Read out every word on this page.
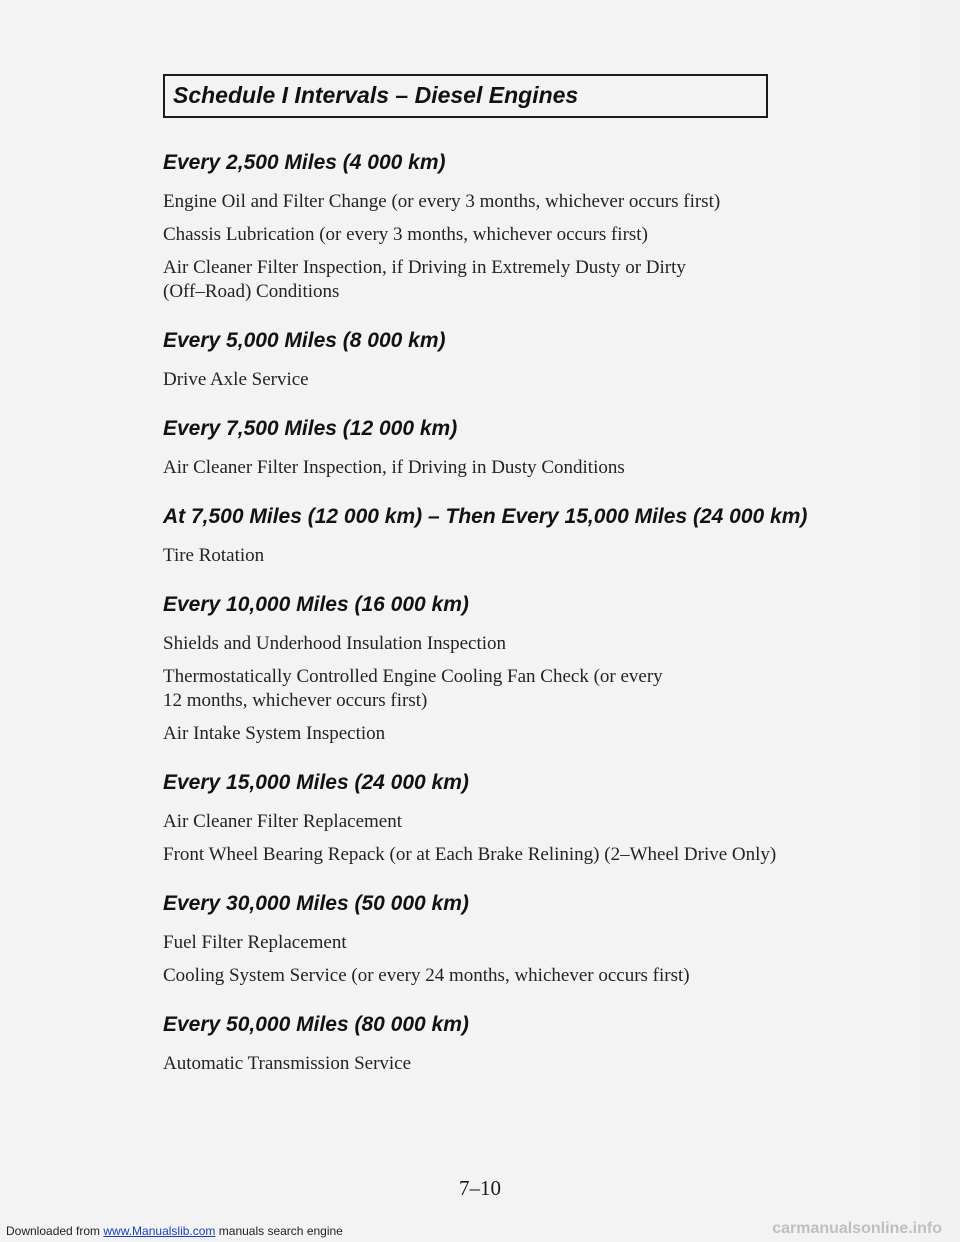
Schedule I Intervals – Diesel Engines
Every 2,500 Miles (4 000 km)
Engine Oil and Filter Change (or every 3 months, whichever occurs first)
Chassis Lubrication (or every 3 months, whichever occurs first)
Air Cleaner Filter Inspection, if Driving in Extremely Dusty or Dirty
(Off–Road) Conditions
Every 5,000 Miles (8 000 km)
Drive Axle Service
Every 7,500 Miles (12 000 km)
Air Cleaner Filter Inspection, if Driving in Dusty Conditions
At 7,500 Miles (12 000 km) – Then Every 15,000 Miles (24 000 km)
Tire Rotation
Every 10,000 Miles (16 000 km)
Shields and Underhood Insulation Inspection
Thermostatically Controlled Engine Cooling Fan Check (or every
12 months, whichever occurs first)
Air Intake System Inspection
Every 15,000 Miles (24 000 km)
Air Cleaner Filter Replacement
Front Wheel Bearing Repack (or at Each Brake Relining) (2–Wheel Drive Only)
Every 30,000 Miles (50 000 km)
Fuel Filter Replacement
Cooling System Service (or every 24 months, whichever occurs first)
Every 50,000 Miles (80 000 km)
Automatic Transmission Service
7–10
Downloaded from www.Manualslib.com manuals search engine	carmanualsonline.info
